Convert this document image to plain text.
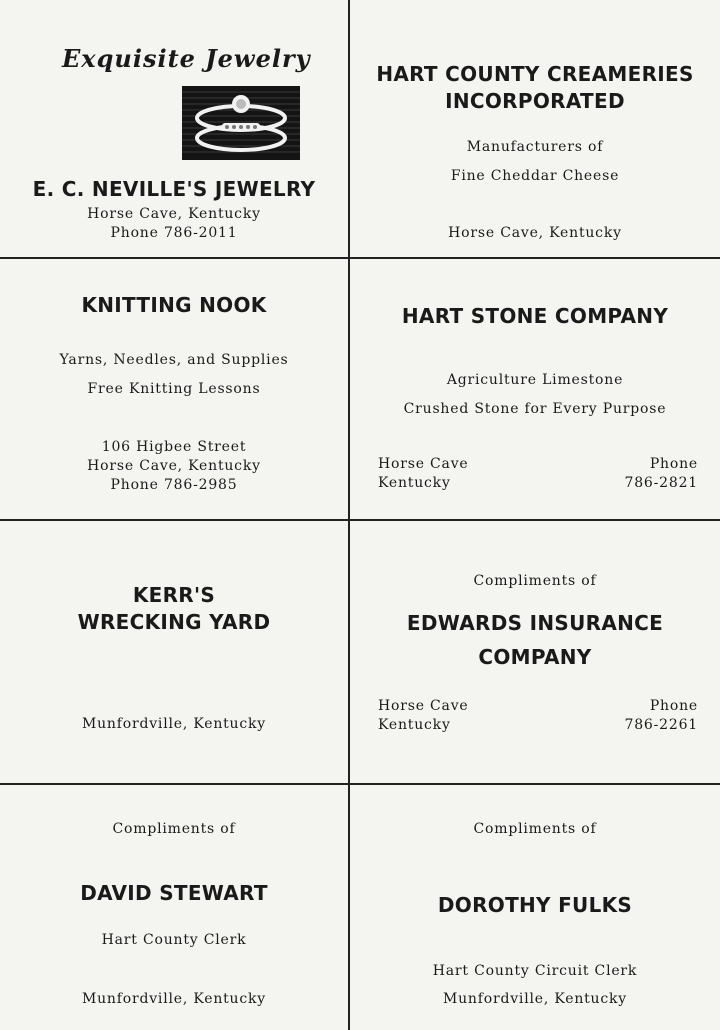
Exquisite Jewelry
E. C. NEVILLE'S JEWELRY
Horse Cave, Kentucky
Phone 786-2011
HART COUNTY CREAMERIES
INCORPORATED
Manufacturers of
Fine Cheddar Cheese
Horse Cave, Kentucky
KNITTING NOOK
Yarns, Needles, and Supplies
Free Knitting Lessons
106 Higbee Street
Horse Cave, Kentucky
Phone 786-2985
HART STONE COMPANY
Agriculture Limestone
Crushed Stone for Every Purpose
Horse Cave
Kentucky
Phone
786-2821
KERR'S
WRECKING YARD
Munfordville, Kentucky
Compliments of
EDWARDS INSURANCE
COMPANY
Horse Cave
Kentucky
Phone
786-2261
Compliments of
DAVID STEWART
Hart County Clerk
Munfordville, Kentucky
Compliments of
DOROTHY FULKS
Hart County Circuit Clerk
Munfordville, Kentucky
